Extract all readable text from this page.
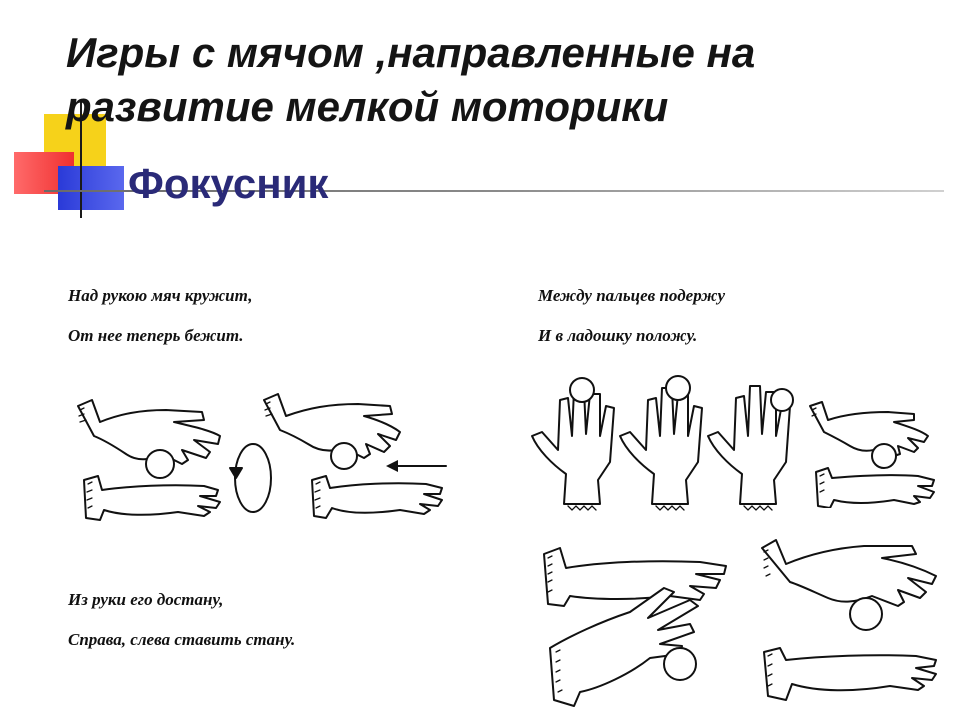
Игры с мячом ,направленные на развитие мелкой моторики
Фокусник
Над рукою мяч кружит,
От нее теперь бежит.
Между пальцев подержу
И в ладошку положу.
Из руки его достану,
Справа, слева ставить стану.
